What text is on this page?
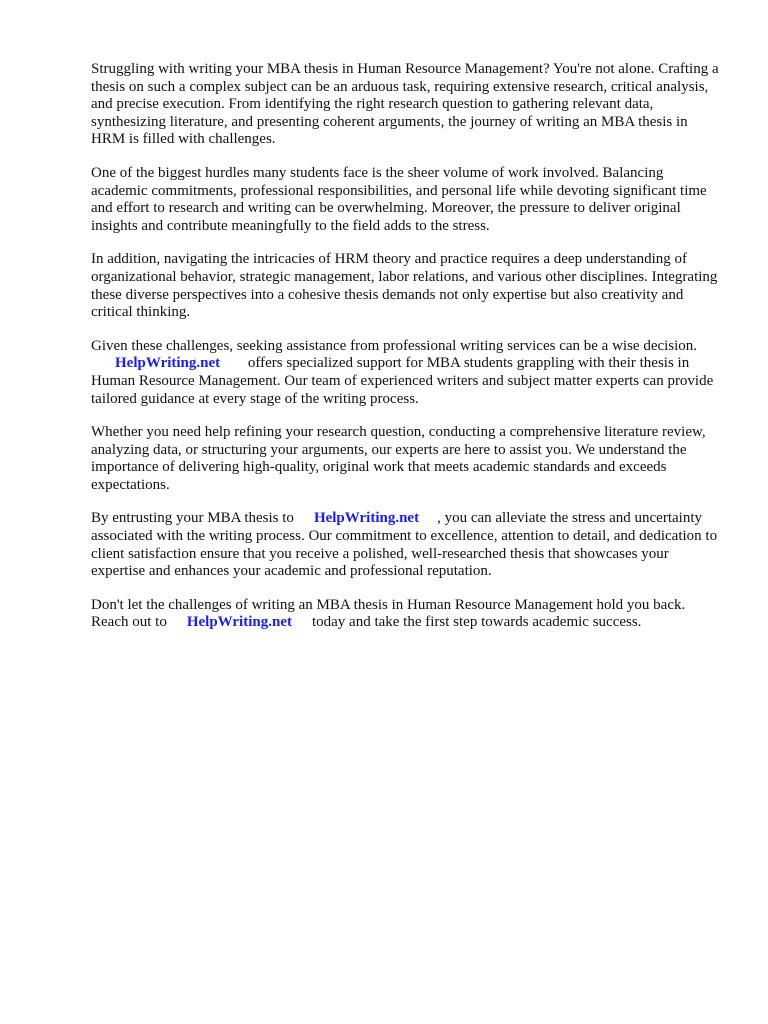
Struggling with writing your MBA thesis in Human Resource Management? You're not alone. Crafting a thesis on such a complex subject can be an arduous task, requiring extensive research, critical analysis, and precise execution. From identifying the right research question to gathering relevant data, synthesizing literature, and presenting coherent arguments, the journey of writing an MBA thesis in HRM is filled with challenges.

One of the biggest hurdles many students face is the sheer volume of work involved. Balancing academic commitments, professional responsibilities, and personal life while devoting significant time and effort to research and writing can be overwhelming. Moreover, the pressure to deliver original insights and contribute meaningfully to the field adds to the stress.

In addition, navigating the intricacies of HRM theory and practice requires a deep understanding of organizational behavior, strategic management, labor relations, and various other disciplines. Integrating these diverse perspectives into a cohesive thesis demands not only expertise but also creativity and critical thinking.

Given these challenges, seeking assistance from professional writing services can be a wise decision.
HelpWriting.net offers specialized support for MBA students grappling with their thesis in Human Resource Management. Our team of experienced writers and subject matter experts can provide tailored guidance at every stage of the writing process.

Whether you need help refining your research question, conducting a comprehensive literature review, analyzing data, or structuring your arguments, our experts are here to assist you. We understand the importance of delivering high-quality, original work that meets academic standards and exceeds expectations.

By entrusting your MBA thesis to HelpWriting.net , you can alleviate the stress and uncertainty associated with the writing process. Our commitment to excellence, attention to detail, and dedication to client satisfaction ensure that you receive a polished, well-researched thesis that showcases your expertise and enhances your academic and professional reputation.

Don't let the challenges of writing an MBA thesis in Human Resource Management hold you back. Reach out to HelpWriting.net today and take the first step towards academic success.
